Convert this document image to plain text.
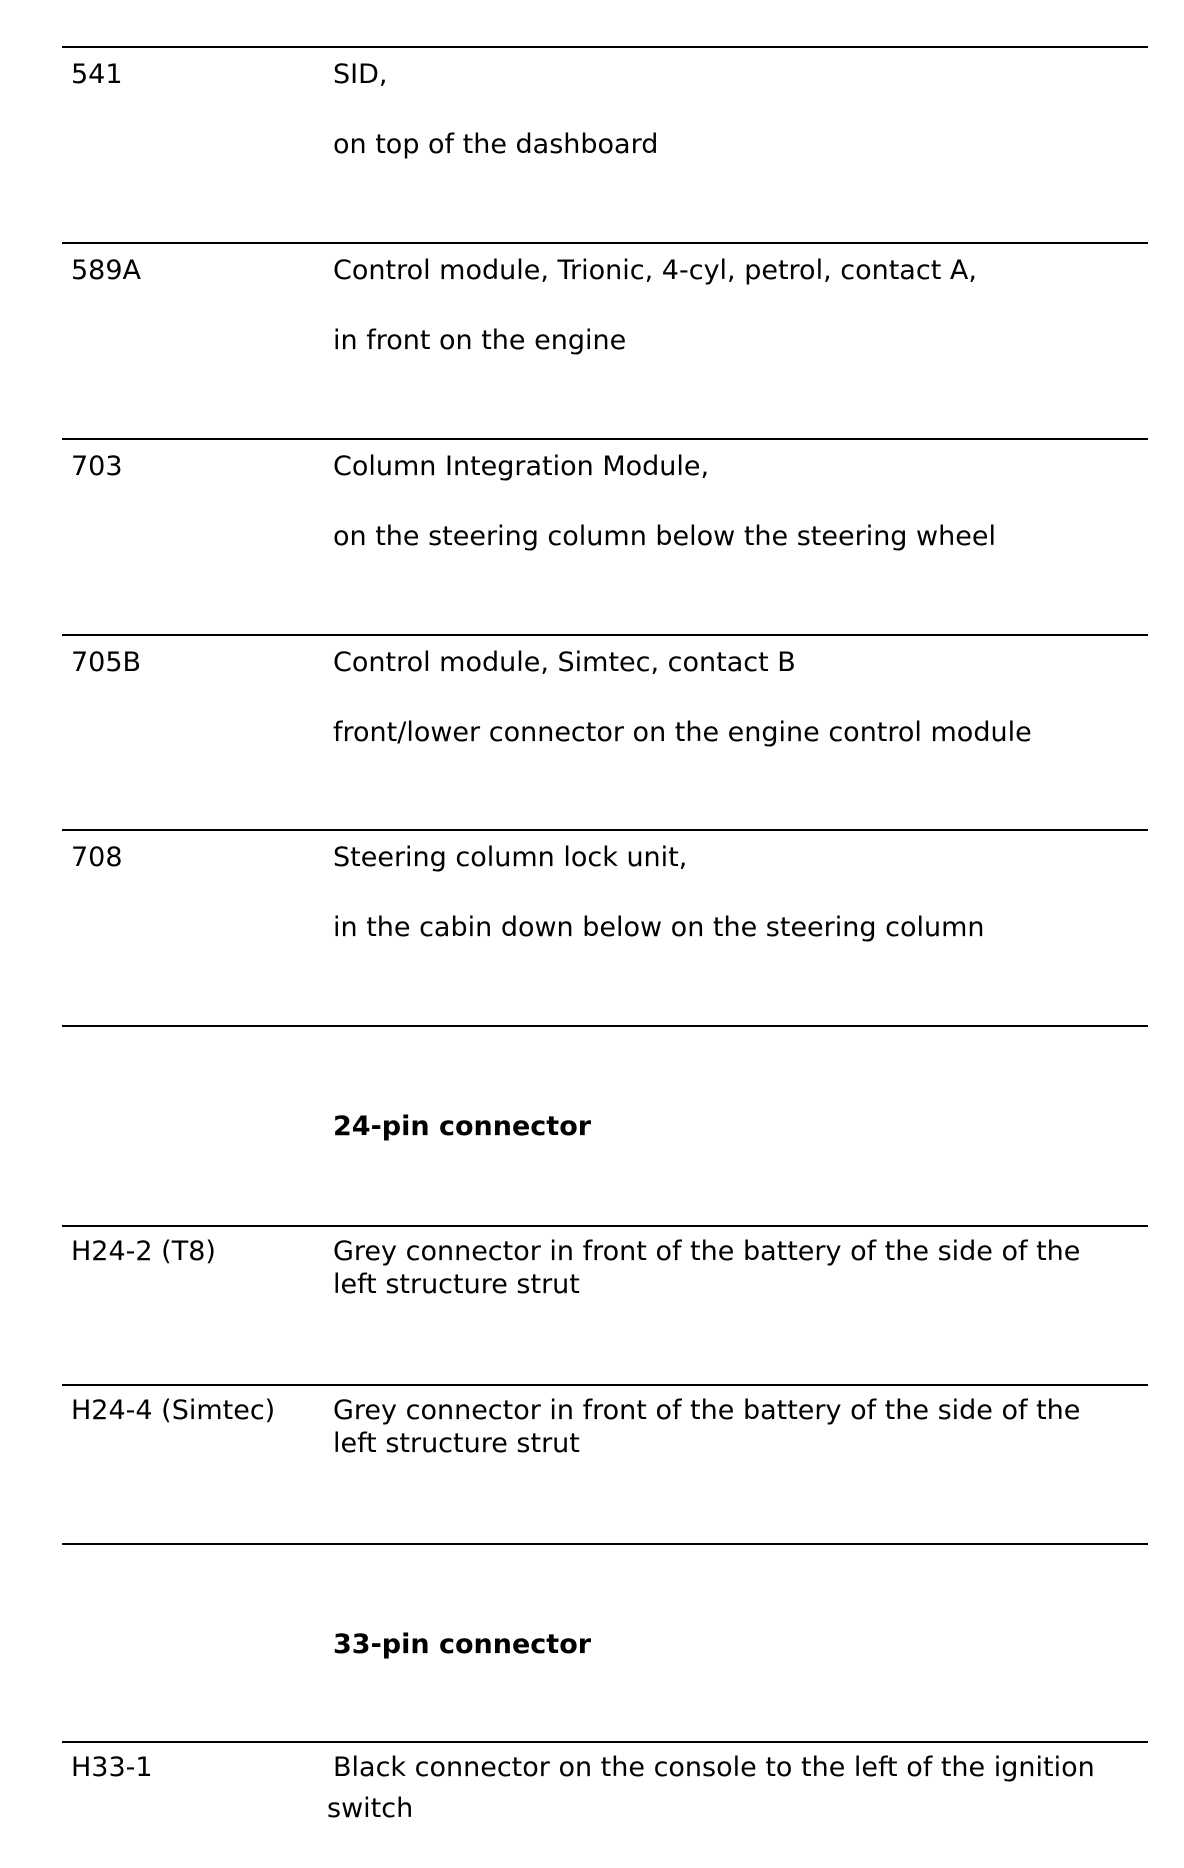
541	SID,
on top of the dashboard
589A	Control module, Trionic, 4-cyl, petrol, contact A,
in front on the engine
703	Column Integration Module,
on the steering column below the steering wheel
705B	Control module, Simtec, contact B
front/lower connector on the engine control module
708	Steering column lock unit,
in the cabin down below on the steering column
24-pin connector
H24-2 (T8)	Grey connector in front of the battery of the side of the
left structure strut
H24-4 (Simtec) Grey connector in front of the battery of the side of the
left structure strut
33-pin connector
H33-1	Black connector on the console to the left of the ignition
switch
